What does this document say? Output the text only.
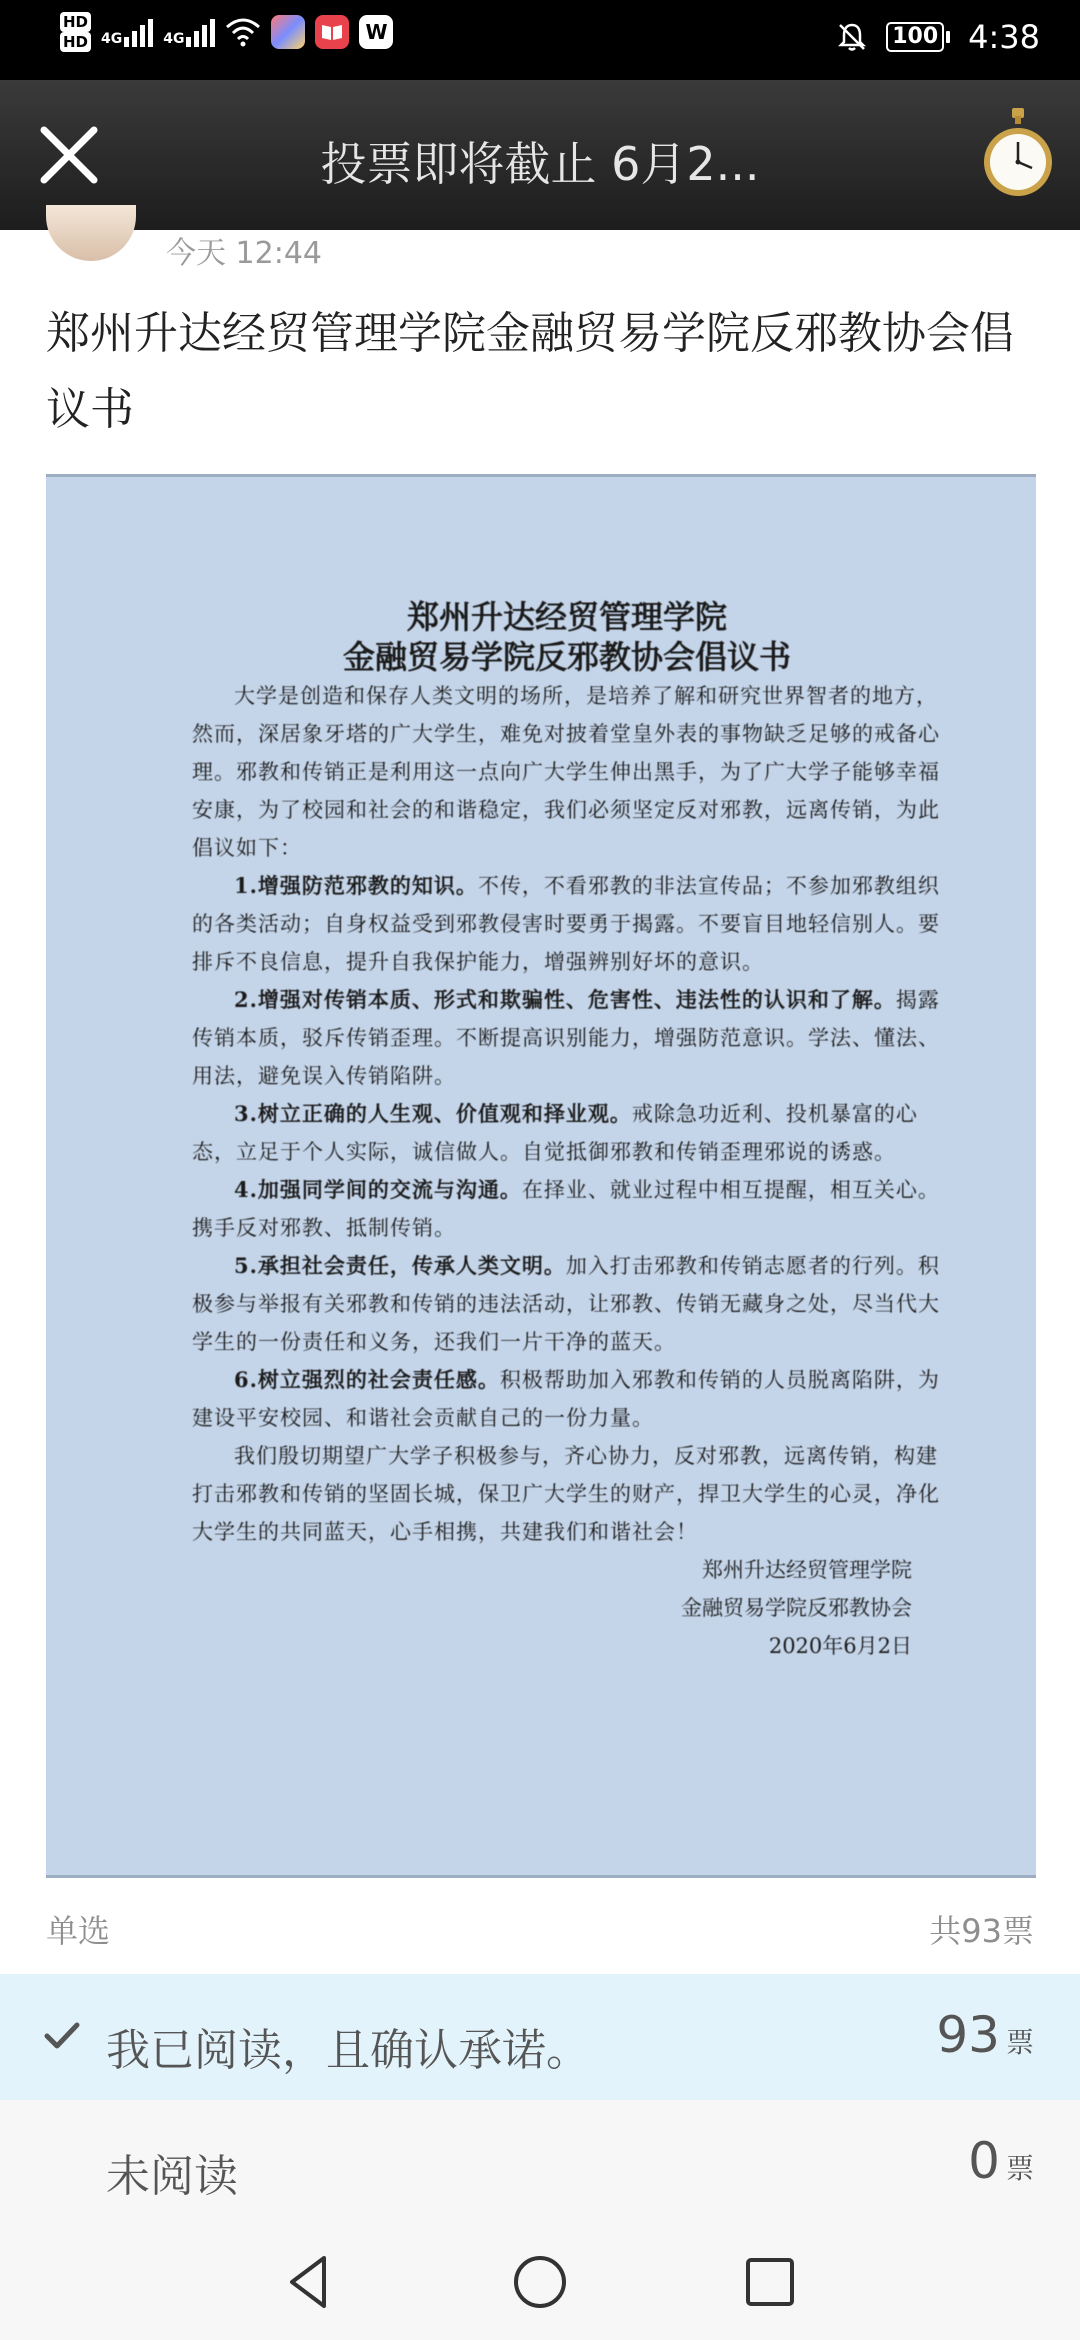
HD
HD 4G	4G	W	100 4:38
投票即将截止 6月2...
今天 12:44
郑州升达经贸管理学院金融贸易学院反邪教协会倡议书
郑州升达经贸管理学院
金融贸易学院反邪教协会倡议书

大学是创造和保存人类文明的场所，是培养了解和研究世界智者的地方，然而，深居象牙塔的广大学生，难免对披着堂皇外表的事物缺乏足够的戒备心理。邪教和传销正是利用这一点向广大学生伸出黑手，为了广大学子能够幸福安康，为了校园和社会的和谐稳定，我们必须坚定反对邪教，远离传销，为此倡议如下：

1.增强防范邪教的知识。不传，不看邪教的非法宣传品；不参加邪教组织的各类活动；自身权益受到邪教侵害时要勇于揭露。不要盲目地轻信别人。要排斥不良信息，提升自我保护能力，增强辨别好坏的意识。

2.增强对传销本质、形式和欺骗性、危害性、违法性的认识和了解。揭露传销本质，驳斥传销歪理。不断提高识别能力，增强防范意识。学法、懂法、用法，避免误入传销陷阱。

3.树立正确的人生观、价值观和择业观。戒除急功近利、投机暴富的心态，立足于个人实际，诚信做人。自觉抵御邪教和传销歪理邪说的诱惑。

4.加强同学间的交流与沟通。在择业、就业过程中相互提醒，相互关心。携手反对邪教、抵制传销。

5.承担社会责任，传承人类文明。加入打击邪教和传销志愿者的行列。积极参与举报有关邪教和传销的违法活动，让邪教、传销无藏身之处，尽当代大学生的一份责任和义务，还我们一片干净的蓝天。

6.树立强烈的社会责任感。积极帮助加入邪教和传销的人员脱离陷阱，为建设平安校园、和谐社会贡献自己的一份力量。

我们殷切期望广大学子积极参与，齐心协力，反对邪教，远离传销，构建打击邪教和传销的坚固长城，保卫广大学生的财产，捍卫大学生的心灵，净化大学生的共同蓝天，心手相携，共建我们和谐社会！

郑州升达经贸管理学院
金融贸易学院反邪教协会
2020年6月2日
单选	共93票
我已阅读，且确认承诺。	93 票
未阅读	0 票
